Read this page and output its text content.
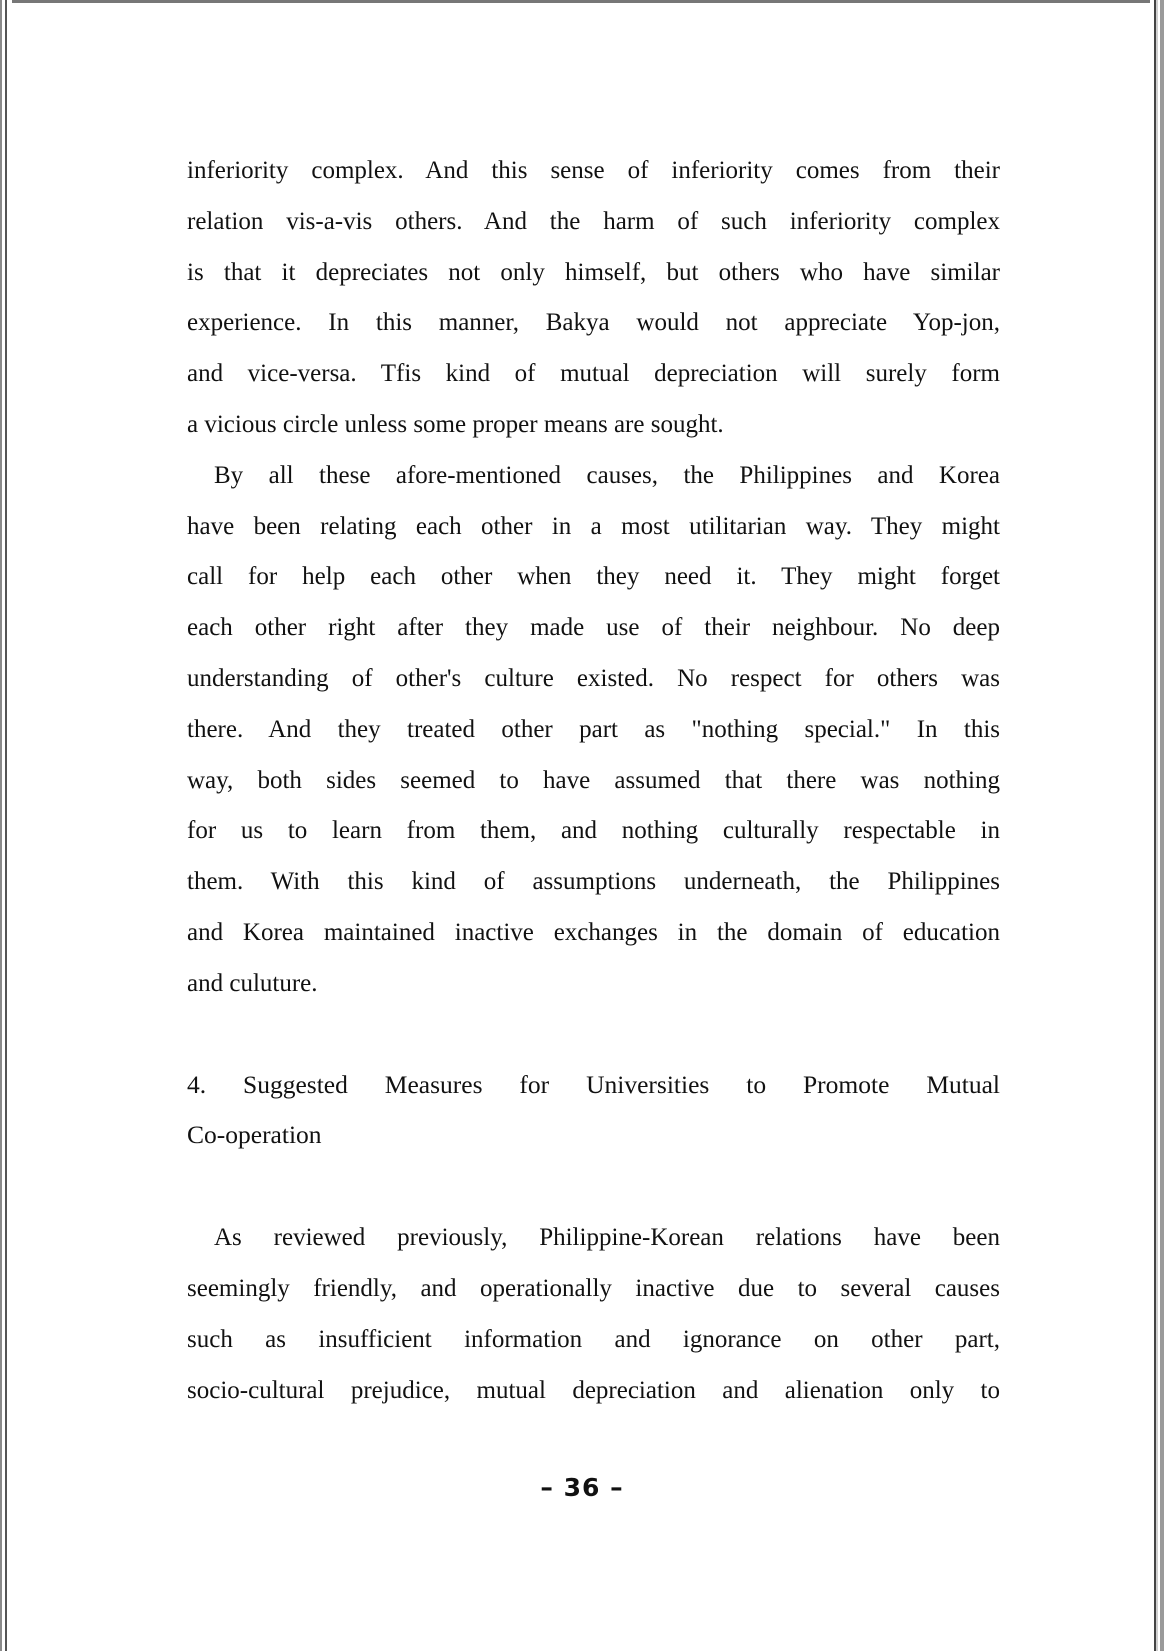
inferiority complex. And this sense of inferiority comes from their
relation vis-a-vis others. And the harm of such inferiority complex
is that it depreciates not only himself, but others who have similar
experience. In this manner, Bakya would not appreciate Yop-jon,
and vice-versa. Tfis kind of mutual depreciation will surely form
a vicious circle unless some proper means are sought.
By all these afore-mentioned causes, the Philippines and Korea
have been relating each other in a most utilitarian way. They might
call for help each other when they need it. They might forget
each other right after they made use of their neighbour. No deep
understanding of other's culture existed. No respect for others was
there. And they treated other part as "nothing special." In this
way, both sides seemed to have assumed that there was nothing
for us to learn from them, and nothing culturally respectable in
them. With this kind of assumptions underneath, the Philippines
and Korea maintained inactive exchanges in the domain of education
and culuture.
4. Suggested Measures for Universities to Promote Mutual
Co-operation
As reviewed previously, Philippine-Korean relations have been
seemingly friendly, and operationally inactive due to several causes
such as insufficient information and ignorance on other part,
socio-cultural prejudice, mutual depreciation and alienation only to
– 36 –
